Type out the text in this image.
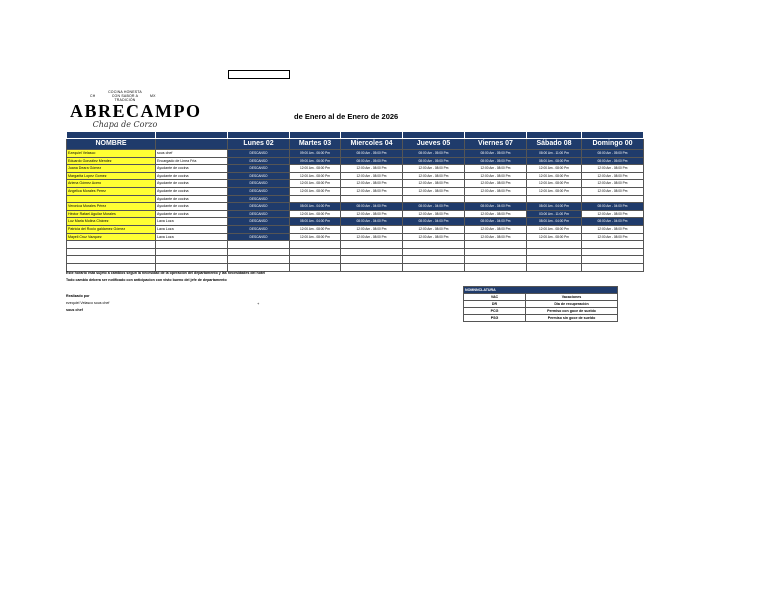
CH
COCINA HONESTA CON SABOR A TRADICIÓN
MX
ABRECAMPO
Chapa de Corzo
de Enero al de Enero de 2026

NOMBRE		Lunes 02	Martes 03	Miercoles 04	Jueves 05	Viernes 07	Sábado 08	Domingo 00
Ezequiel Velasco	sous chef	DESCANSO	09:00 Am - 06:00 Pm	08:00 Am - 05:00 Pm	08:00 Am - 05:00 Pm	08:00 Am - 05:00 Pm	08:00 Am - 11:00 Pm	08:00 Am - 05:00 Pm
Eduardo González Mendez	Encargado de Linea Fria	DESCANSO	09:00 Am - 06:00 Pm	08:00 Am - 05:00 Pm	08:00 Am - 05:00 Pm	08:00 Am - 05:00 Pm	08:00 Am - 08:00 Pm	08:00 Am - 05:00 Pm
Juana Deara Gómez	Ayudante de cocina	DESCANSO	12:00 Am - 08:00 Pm	12:00 Am - 08:00 Pm	12:00 Am - 08:00 Pm	12:00 Am - 08:00 Pm	12:00 Am - 08:00 Pm	12:00 Am - 08:00 Pm
Margarita Lopez Gomez	Ayudante de cocina	DESCANSO	12:00 Am - 08:00 Pm	12:00 Am - 08:00 Pm	12:00 Am - 08:00 Pm	12:00 Am - 08:00 Pm	12:00 Am - 08:00 Pm	12:00 Am - 08:00 Pm
Arlena Gómez Acero	Ayudante de cocina	DESCANSO	12:00 Am - 08:00 Pm	12:00 Am - 08:00 Pm	12:00 Am - 08:00 Pm	12:00 Am - 08:00 Pm	12:00 Am - 08:00 Pm	12:00 Am - 08:00 Pm
Angelica Morales Perez	Ayudante de cocina	DESCANSO	12:00 Am - 08:00 Pm	12:00 Am - 08:00 Pm	12:00 Am - 08:00 Pm	12:00 Am - 08:00 Pm	12:00 Am - 08:00 Pm	12:00 Am - 08:00 Pm
	Ayudante de cocina	DESCANSO						
Veronica Morales Pérez	Ayudante de cocina	DESCANSO	08:00 Am - 04:00 Pm	08:00 Am - 04:00 Pm	08:00 Am - 04:00 Pm	08:00 Am - 04:00 Pm	08:00 Am - 04:00 Pm	08:00 Am - 04:00 Pm
Héctor Rafael Aguilar Morales	Ayudante de cocina	DESCANSO	12:00 Am - 08:00 Pm	12:00 Am - 08:00 Pm	12:00 Am - 08:00 Pm	12:00 Am - 08:00 Pm	03:00 Am - 11:00 Pm	12:00 Am - 08:00 Pm
Luz Maria Molina Chávez	Lava Loza	DESCANSO	08:00 Am - 04:00 Pm	08:00 Am - 04:00 Pm	08:00 Am - 04:00 Pm	08:00 Am - 04:00 Pm	08:00 Am - 04:00 Pm	08:00 Am - 04:00 Pm
Patricia del Rocio galdamez Gómez	Lava Loza	DESCANSO	12:00 Am - 08:00 Pm	12:00 Am - 08:00 Pm	12:00 Am - 08:00 Pm	12:00 Am - 08:00 Pm	12:00 Am - 08:00 Pm	12:00 Am - 08:00 Pm
Mayeli Cruz Vazquez	Lava Loza	DESCANSO	12:00 Am - 08:00 Pm	12:00 Am - 08:00 Pm	12:00 Am - 08:00 Pm	12:00 Am - 08:00 Pm	12:00 Am - 08:00 Pm	12:00 Am - 08:00 Pm

Este horario esta sujeto a cambios segun la necesidad de la operación del departamento y las necesidades del hotel
Todo cambio debera ser notificado con anticipacion con visto bueno del jefe de departamento
Realizado por
ezequiel Velasco sous chef
sous chef
+
NOMNNCLATURA	
VAC	Vacaciones
DR	Dia de recuperación
PCG	Permiso con goce de sueldo
PSG	Permiso sin goce de sueldo
